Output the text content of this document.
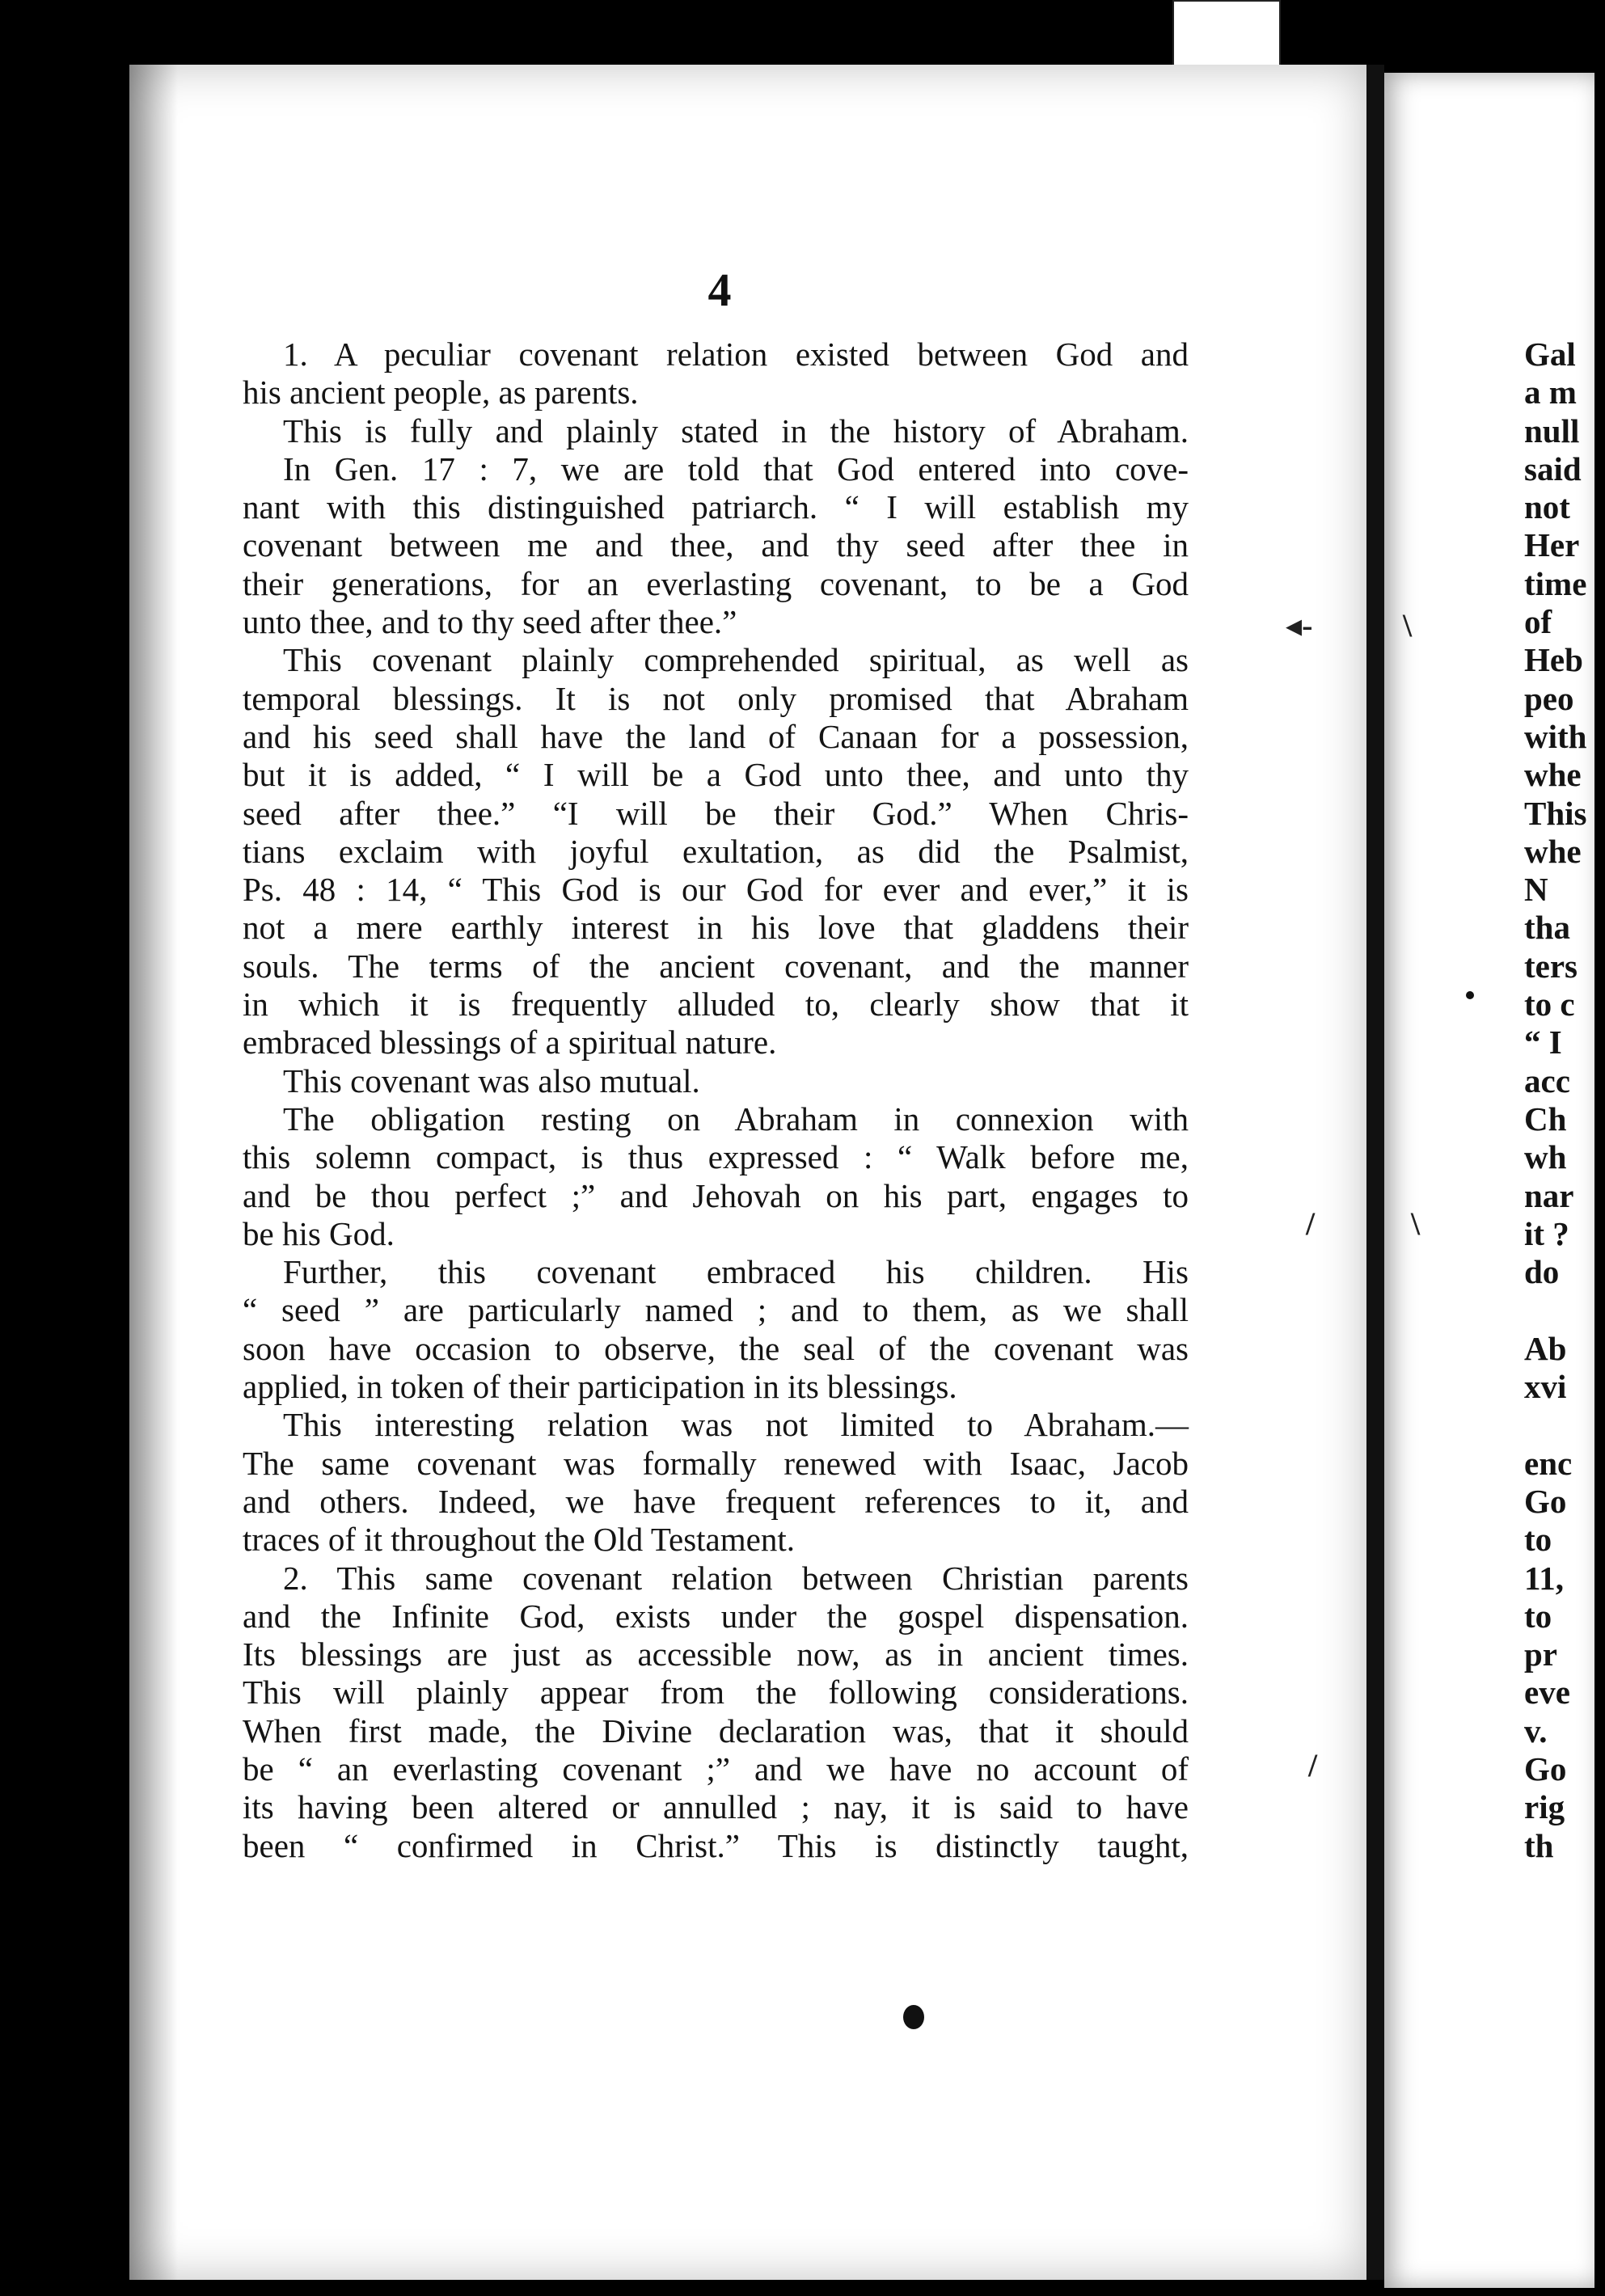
4
1. A peculiar covenant relation existed between God and
his ancient people, as parents.
This is fully and plainly stated in the history of Abraham.
In Gen. 17 : 7, we are told that God entered into cove-
nant with this distinguished patriarch. “ I will establish my
covenant between me and thee, and thy seed after thee in
their generations, for an everlasting covenant, to be a God
unto thee, and to thy seed after thee.”
This covenant plainly comprehended spiritual, as well as
temporal blessings. It is not only promised that Abraham
and his seed shall have the land of Canaan for a possession,
but it is added, “ I will be a God unto thee, and unto thy
seed after thee.” “I will be their God.” When Chris-
tians exclaim with joyful exultation, as did the Psalmist,
Ps. 48 : 14, “ This God is our God for ever and ever,” it is
not a mere earthly interest in his love that gladdens their
souls. The terms of the ancient covenant, and the manner
in which it is frequently alluded to, clearly show that it
embraced blessings of a spiritual nature.
This covenant was also mutual.
The obligation resting on Abraham in connexion with
this solemn compact, is thus expressed : “ Walk before me,
and be thou perfect ;” and Jehovah on his part, engages to
be his God.
Further, this covenant embraced his children. His
“ seed ” are particularly named ; and to them, as we shall
soon have occasion to observe, the seal of the covenant was
applied, in token of their participation in its blessings.
This interesting relation was not limited to Abraham.—
The same covenant was formally renewed with Isaac, Jacob
and others. Indeed, we have frequent references to it, and
traces of it throughout the Old Testament.
2. This same covenant relation between Christian parents
and the Infinite God, exists under the gospel dispensation.
Its blessings are just as accessible now, as in ancient times.
This will plainly appear from the following considerations.
When first made, the Divine declaration was, that it should
be “ an everlasting covenant ;” and we have no account of
its having been altered or annulled ; nay, it is said to have
been “ confirmed in Christ.” This is distinctly taught,
Gal
a m
null
said
not
Her
time
of
Heb
peo
with
whe
This
whe
N
tha
ters
to c
“ I
acc
Ch
wh
nar
it ?
do
Ab
xvi
enc
Go
to
11,
to
pr
eve
v.
Go
rig
th
◂-	\
/	\
/
